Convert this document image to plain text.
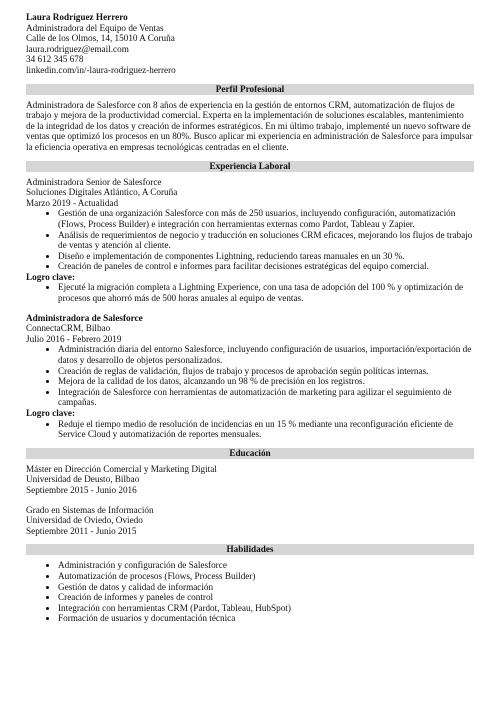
Laura Rodríguez Herrero
Administradora del Equipo de Ventas
Calle de los Olmos, 14, 15010 A Coruña
laura.rodriguez@email.com
34 612 345 678
linkedin.com/in/-laura-rodriguez-herrero
Perfil Profesional
Administradora de Salesforce con 8 años de experiencia en la gestión de entornos CRM, automatización de flujos de trabajo y mejora de la productividad comercial. Experta en la implementación de soluciones escalables, mantenimiento de la integridad de los datos y creación de informes estratégicos. En mi último trabajo, implementé un nuevo software de ventas que optimizó los procesos en un 80%. Busco aplicar mi experiencia en administración de Salesforce para impulsar la eficiencia operativa en empresas tecnológicas centradas en el cliente.
Experiencia Laboral
Administradora Senior de Salesforce
Soluciones Digitales Atlántico, A Coruña
Marzo 2019 - Actualidad
• Gestión de una organización Salesforce con más de 250 usuarios, incluyendo configuración, automatización (Flows, Process Builder) e integración con herramientas externas como Pardot, Tableau y Zapier.
• Análisis de requerimientos de negocio y traducción en soluciones CRM eficaces, mejorando los flujos de trabajo de ventas y atención al cliente.
• Diseño e implementación de componentes Lightning, reduciendo tareas manuales en un 30 %.
• Creación de paneles de control e informes para facilitar decisiones estratégicas del equipo comercial.
Logro clave:
• Ejecuté la migración completa a Lightning Experience, con una tasa de adopción del 100 % y optimización de procesos que ahorró más de 500 horas anuales al equipo de ventas.
Administradora de Salesforce
ConnectaCRM, Bilbao
Julio 2016 - Febrero 2019
• Administración diaria del entorno Salesforce, incluyendo configuración de usuarios, importación/exportación de datos y desarrollo de objetos personalizados.
• Creación de reglas de validación, flujos de trabajo y procesos de aprobación según políticas internas.
• Mejora de la calidad de los datos, alcanzando un 98 % de precisión en los registros.
• Integración de Salesforce con herramientas de automatización de marketing para agilizar el seguimiento de campañas.
Logro clave:
• Reduje el tiempo medio de resolución de incidencias en un 15 % mediante una reconfiguración eficiente de Service Cloud y automatización de reportes mensuales.
Educación
Máster en Dirección Comercial y Marketing Digital
Universidad de Deusto, Bilbao
Septiembre 2015 - Junio 2016
Grado en Sistemas de Información
Universidad de Oviedo, Oviedo
Septiembre 2011 - Junio 2015
Habilidades
• Administración y configuración de Salesforce
• Automatización de procesos (Flows, Process Builder)
• Gestión de datos y calidad de información
• Creación de informes y paneles de control
• Integración con herramientas CRM (Pardot, Tableau, HubSpot)
• Formación de usuarios y documentación técnica
